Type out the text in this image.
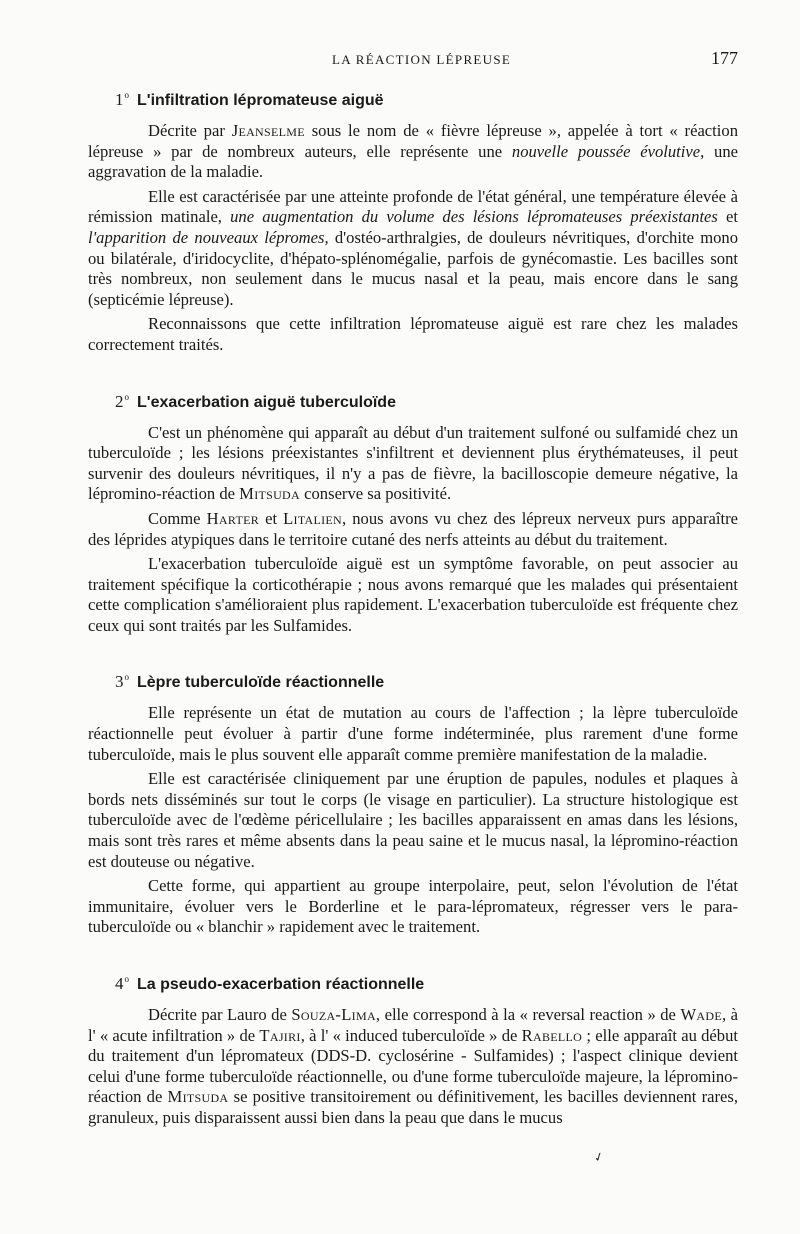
LA RÉACTION LÉPREUSE	177
1$^o$ L'infiltration lépromateuse aiguë

Décrite par Jeanselme sous le nom de « fièvre lépreuse », appelée à tort « réaction lépreuse » par de nombreux auteurs, elle représente une nouvelle poussée évolutive, une aggravation de la maladie.

Elle est caractérisée par une atteinte profonde de l'état général, une température élevée à rémission matinale, une augmentation du volume des lésions lépromateuses préexistantes et l'apparition de nouveaux lépromes, d'ostéo-arthralgies, de douleurs névritiques, d'orchite mono ou bilatérale, d'iridocyclite, d'hépato-splénomégalie, parfois de gynécomastie. Les bacilles sont très nombreux, non seulement dans le mucus nasal et la peau, mais encore dans le sang (septicémie lépreuse).

Reconnaissons que cette infiltration lépromateuse aiguë est rare chez les malades correctement traités.

2$^o$ L'exacerbation aiguë tuberculoïde

C'est un phénomène qui apparaît au début d'un traitement sulfoné ou sulfamidé chez un tuberculoïde ; les lésions préexistantes s'infiltrent et deviennent plus érythémateuses, il peut survenir des douleurs névritiques, il n'y a pas de fièvre, la bacilloscopie demeure négative, la lépromino-réaction de Mitsuda conserve sa positivité.

Comme Harter et Litalien, nous avons vu chez des lépreux nerveux purs apparaître des léprides atypiques dans le territoire cutané des nerfs atteints au début du traitement.

L'exacerbation tuberculoïde aiguë est un symptôme favorable, on peut associer au traitement spécifique la corticothérapie ; nous avons remarqué que les malades qui présentaient cette complication s'amélioraient plus rapidement. L'exacerbation tuberculoïde est fréquente chez ceux qui sont traités par les Sulfamides.

3$^o$ Lèpre tuberculoïde réactionnelle

Elle représente un état de mutation au cours de l'affection ; la lèpre tuberculoïde réactionnelle peut évoluer à partir d'une forme indéterminée, plus rarement d'une forme tuberculoïde, mais le plus souvent elle apparaît comme première manifestation de la maladie.

Elle est caractérisée cliniquement par une éruption de papules, nodules et plaques à bords nets disséminés sur tout le corps (le visage en particulier). La structure histologique est tuberculoïde avec de l'œdème péricellulaire ; les bacilles apparaissent en amas dans les lésions, mais sont très rares et même absents dans la peau saine et le mucus nasal, la lépromino-réaction est douteuse ou négative.

Cette forme, qui appartient au groupe interpolaire, peut, selon l'évolution de l'état immunitaire, évoluer vers le Borderline et le para-lépromateux, régresser vers le para-tuberculoïde ou « blanchir » rapidement avec le traitement.

4$^o$ La pseudo-exacerbation réactionnelle

Décrite par Lauro de Souza-Lima, elle correspond à la « reversal reaction » de Wade, à l' « acute infiltration » de Tajiri, à l' « induced tuberculoïde » de Rabello ; elle apparaît au début du traitement d'un lépromateux (DDS-D. cyclosérine - Sulfamides) ; l'aspect clinique devient celui d'une forme tuberculoïde réactionnelle, ou d'une forme tuberculoïde majeure, la lépromino-réaction de Mitsuda se positive transitoirement ou définitivement, les bacilles deviennent rares, granuleux, puis disparaissent aussi bien dans la peau que dans le mucus

✓
